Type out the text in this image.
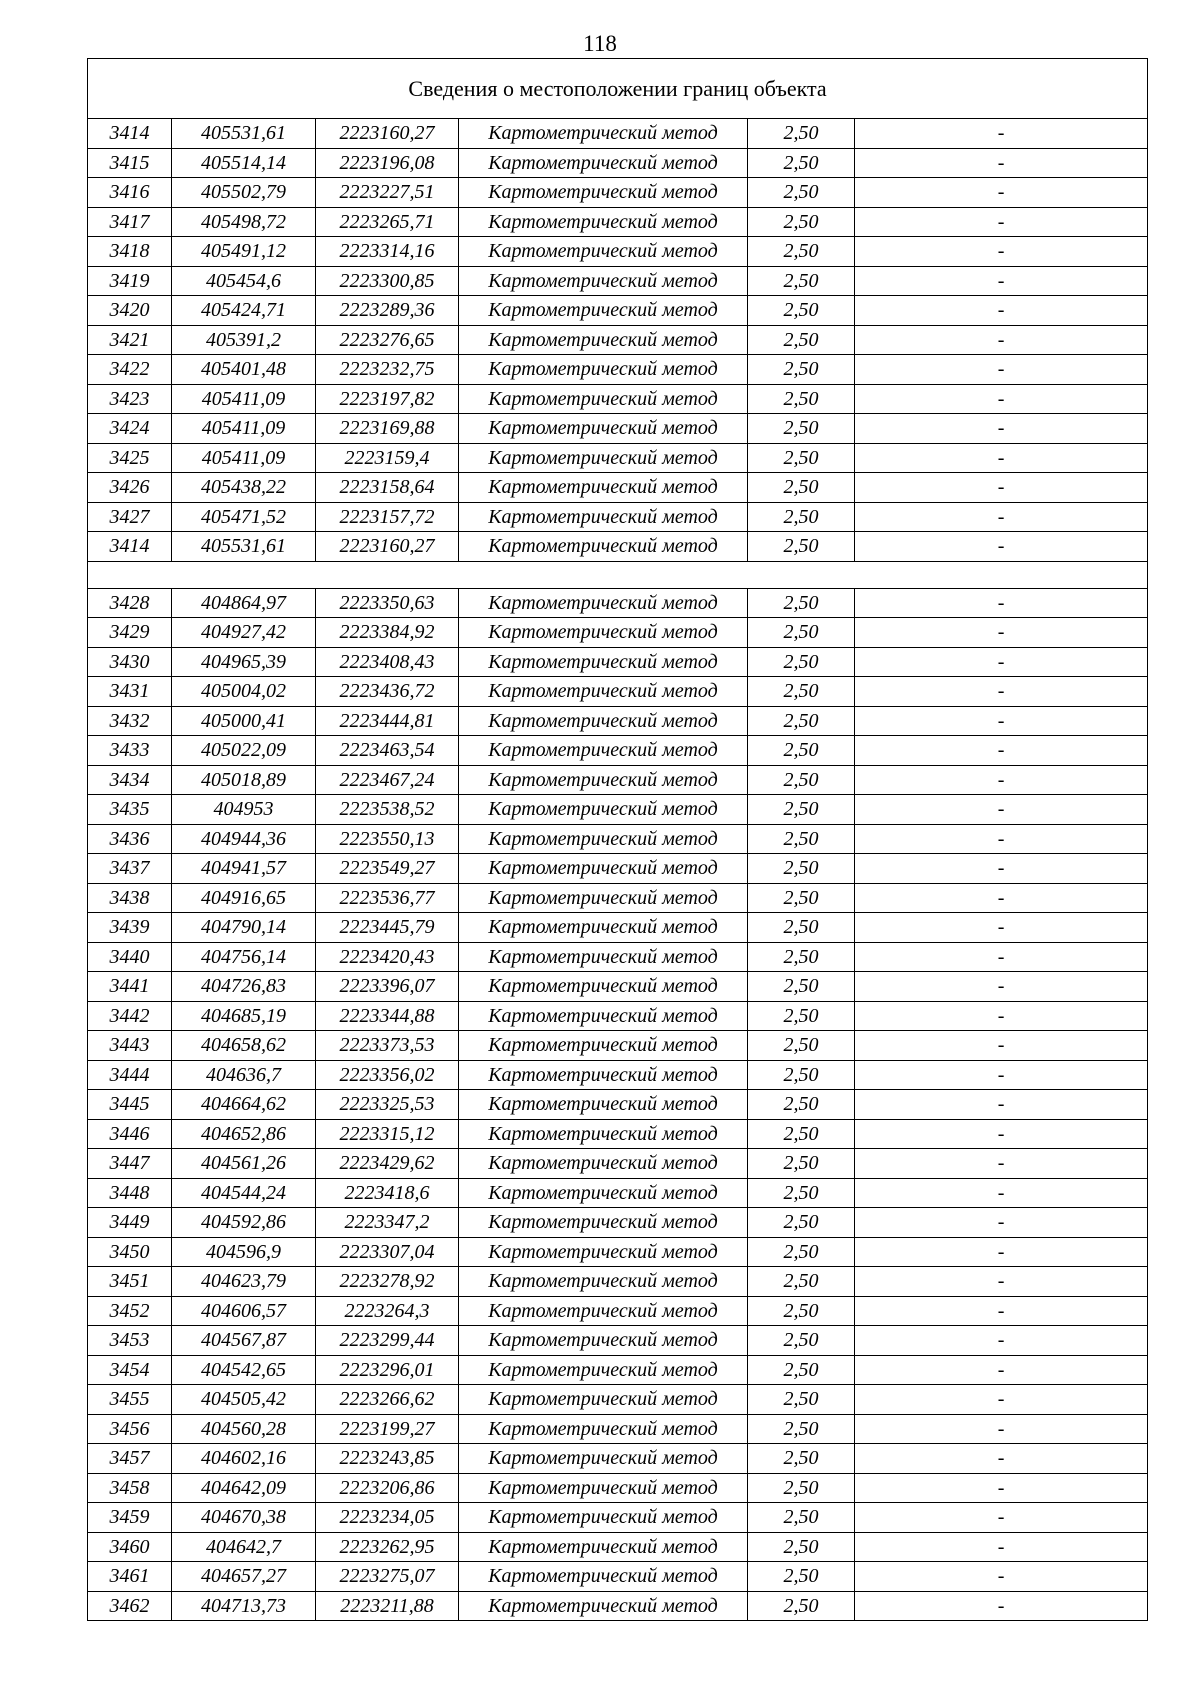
118
Сведения о местоположении границ объекта					
3414	405531,61	2223160,27	Картометрический метод	2,50	-
3415	405514,14	2223196,08	Картометрический метод	2,50	-
3416	405502,79	2223227,51	Картометрический метод	2,50	-
3417	405498,72	2223265,71	Картометрический метод	2,50	-
3418	405491,12	2223314,16	Картометрический метод	2,50	-
3419	405454,6	2223300,85	Картометрический метод	2,50	-
3420	405424,71	2223289,36	Картометрический метод	2,50	-
3421	405391,2	2223276,65	Картометрический метод	2,50	-
3422	405401,48	2223232,75	Картометрический метод	2,50	-
3423	405411,09	2223197,82	Картометрический метод	2,50	-
3424	405411,09	2223169,88	Картометрический метод	2,50	-
3425	405411,09	2223159,4	Картометрический метод	2,50	-
3426	405438,22	2223158,64	Картометрический метод	2,50	-
3427	405471,52	2223157,72	Картометрический метод	2,50	-
3414	405531,61	2223160,27	Картометрический метод	2,50	-

3428	404864,97	2223350,63	Картометрический метод	2,50	-
3429	404927,42	2223384,92	Картометрический метод	2,50	-
3430	404965,39	2223408,43	Картометрический метод	2,50	-
3431	405004,02	2223436,72	Картометрический метод	2,50	-
3432	405000,41	2223444,81	Картометрический метод	2,50	-
3433	405022,09	2223463,54	Картометрический метод	2,50	-
3434	405018,89	2223467,24	Картометрический метод	2,50	-
3435	404953	2223538,52	Картометрический метод	2,50	-
3436	404944,36	2223550,13	Картометрический метод	2,50	-
3437	404941,57	2223549,27	Картометрический метод	2,50	-
3438	404916,65	2223536,77	Картометрический метод	2,50	-
3439	404790,14	2223445,79	Картометрический метод	2,50	-
3440	404756,14	2223420,43	Картометрический метод	2,50	-
3441	404726,83	2223396,07	Картометрический метод	2,50	-
3442	404685,19	2223344,88	Картометрический метод	2,50	-
3443	404658,62	2223373,53	Картометрический метод	2,50	-
3444	404636,7	2223356,02	Картометрический метод	2,50	-
3445	404664,62	2223325,53	Картометрический метод	2,50	-
3446	404652,86	2223315,12	Картометрический метод	2,50	-
3447	404561,26	2223429,62	Картометрический метод	2,50	-
3448	404544,24	2223418,6	Картометрический метод	2,50	-
3449	404592,86	2223347,2	Картометрический метод	2,50	-
3450	404596,9	2223307,04	Картометрический метод	2,50	-
3451	404623,79	2223278,92	Картометрический метод	2,50	-
3452	404606,57	2223264,3	Картометрический метод	2,50	-
3453	404567,87	2223299,44	Картометрический метод	2,50	-
3454	404542,65	2223296,01	Картометрический метод	2,50	-
3455	404505,42	2223266,62	Картометрический метод	2,50	-
3456	404560,28	2223199,27	Картометрический метод	2,50	-
3457	404602,16	2223243,85	Картометрический метод	2,50	-
3458	404642,09	2223206,86	Картометрический метод	2,50	-
3459	404670,38	2223234,05	Картометрический метод	2,50	-
3460	404642,7	2223262,95	Картометрический метод	2,50	-
3461	404657,27	2223275,07	Картометрический метод	2,50	-
3462	404713,73	2223211,88	Картометрический метод	2,50	-
